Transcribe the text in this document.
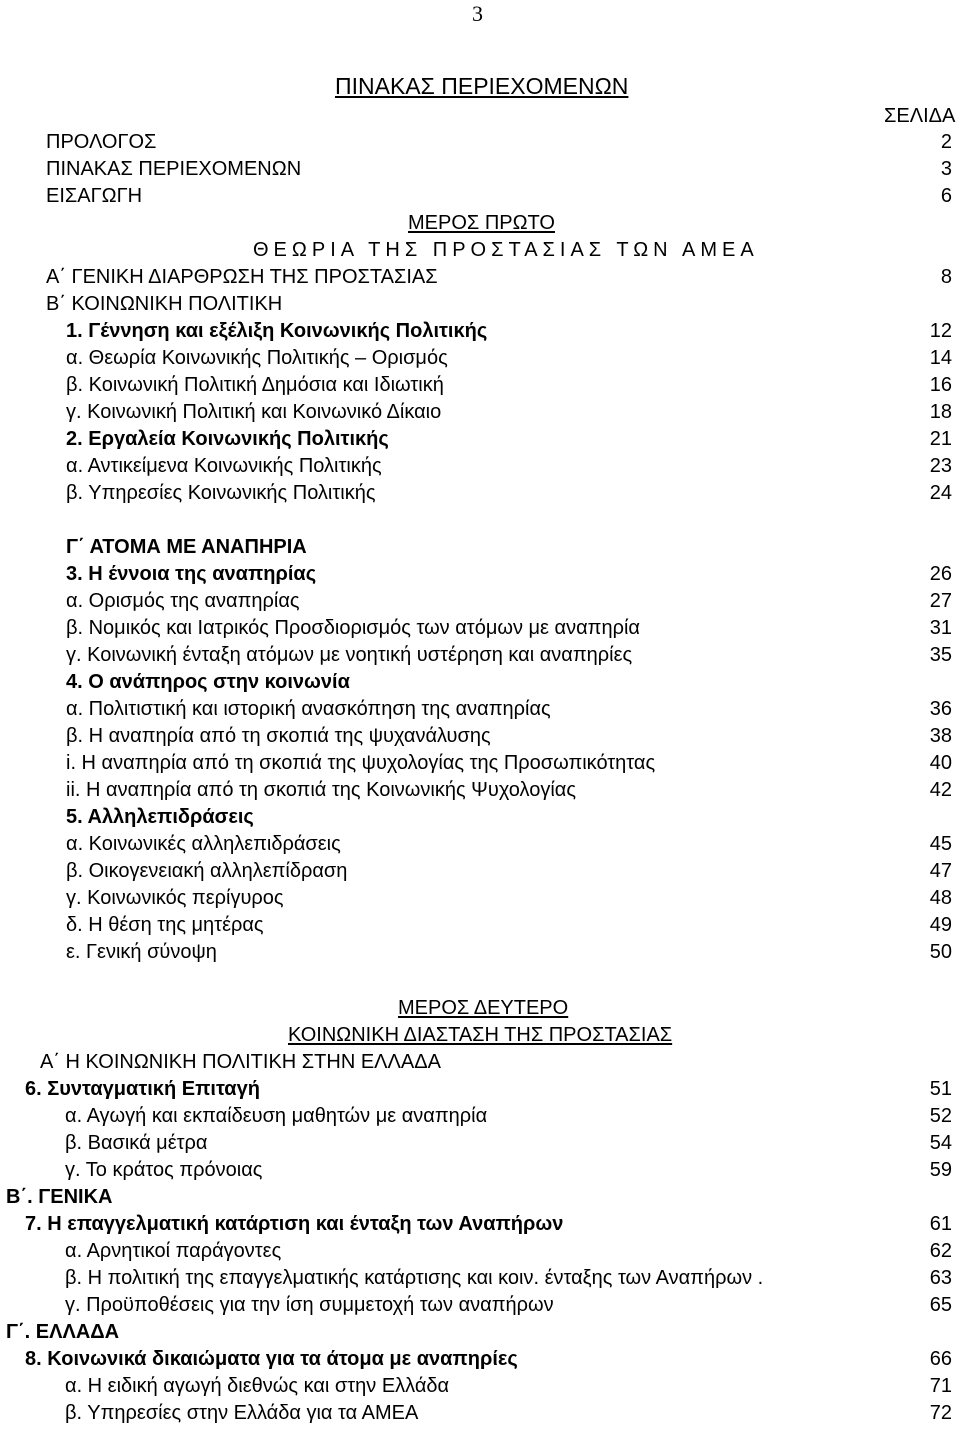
3
ΠΙΝΑΚΑΣ ΠΕΡΙΕΧΟΜΕΝΩΝ
ΣΕΛΙΔΑ
ΠΡΟΛΟΓΟΣ	2
ΠΙΝΑΚΑΣ ΠΕΡΙΕΧΟΜΕΝΩΝ	3
ΕΙΣΑΓΩΓΗ	6
ΜΕΡΟΣ ΠΡΩΤΟ
ΘΕΩΡΙΑ ΤΗΣ ΠΡΟΣΤΑΣΙΑΣ ΤΩΝ ΑΜΕΑ
Α΄ ΓΕΝΙΚΗ ΔΙΑΡΘΡΩΣΗ ΤΗΣ ΠΡΟΣΤΑΣΙΑΣ	8
Β΄ ΚΟΙΝΩΝΙΚΗ ΠΟΛΙΤΙΚΗ
1. Γέννηση και εξέλιξη Κοινωνικής Πολιτικής	12
α. Θεωρία Κοινωνικής Πολιτικής – Ορισμός	14
β. Κοινωνική Πολιτική Δημόσια και Ιδιωτική	16
γ. Κοινωνική Πολιτική και Κοινωνικό Δίκαιο	18
2. Εργαλεία Κοινωνικής Πολιτικής	21
α. Αντικείμενα Κοινωνικής Πολιτικής	23
β. Υπηρεσίες Κοινωνικής Πολιτικής	24
Γ΄ ΑΤΟΜΑ ΜΕ ΑΝΑΠΗΡΙΑ
3. Η έννοια της αναπηρίας	26
α. Ορισμός της αναπηρίας	27
β. Νομικός και Ιατρικός Προσδιορισμός των ατόμων με αναπηρία	31
γ. Κοινωνική ένταξη ατόμων με νοητική υστέρηση και αναπηρίες	35
4. Ο ανάπηρος στην κοινωνία
α. Πολιτιστική και ιστορική ανασκόπηση της αναπηρίας	36
β. Η αναπηρία από τη σκοπιά της ψυχανάλυσης	38
i. Η αναπηρία από τη σκοπιά της ψυχολογίας της Προσωπικότητας	40
ii. Η αναπηρία από τη σκοπιά της Κοινωνικής Ψυχολογίας	42
5. Αλληλεπιδράσεις
α. Κοινωνικές αλληλεπιδράσεις	45
β. Οικογενειακή αλληλεπίδραση	47
γ. Κοινωνικός περίγυρος	48
δ. Η θέση της μητέρας	49
ε. Γενική σύνοψη	50
ΜΕΡΟΣ ΔΕΥΤΕΡΟ
ΚΟΙΝΩΝΙΚΗ ΔΙΑΣΤΑΣΗ ΤΗΣ ΠΡΟΣΤΑΣΙΑΣ
Α΄ Η ΚΟΙΝΩΝΙΚΗ ΠΟΛΙΤΙΚΗ ΣΤΗΝ ΕΛΛΑΔΑ
6. Συνταγματική Επιταγή	51
α. Αγωγή και εκπαίδευση μαθητών με αναπηρία	52
β. Βασικά μέτρα	54
γ. Το κράτος πρόνοιας	59
Β΄. ΓΕΝΙΚΑ
7. Η επαγγελματική κατάρτιση και ένταξη των Αναπήρων	61
α. Αρνητικοί παράγοντες	62
β. Η πολιτική της επαγγελματικής κατάρτισης και κοιν. ένταξης των Αναπήρων .	63
γ. Προϋποθέσεις για την ίση συμμετοχή των αναπήρων	65
Γ΄. ΕΛΛΑΔΑ
8. Κοινωνικά δικαιώματα για τα άτομα με αναπηρίες	66
α. Η ειδική αγωγή διεθνώς και στην Ελλάδα	71
β. Υπηρεσίες στην Ελλάδα για τα ΑΜΕΑ	72
